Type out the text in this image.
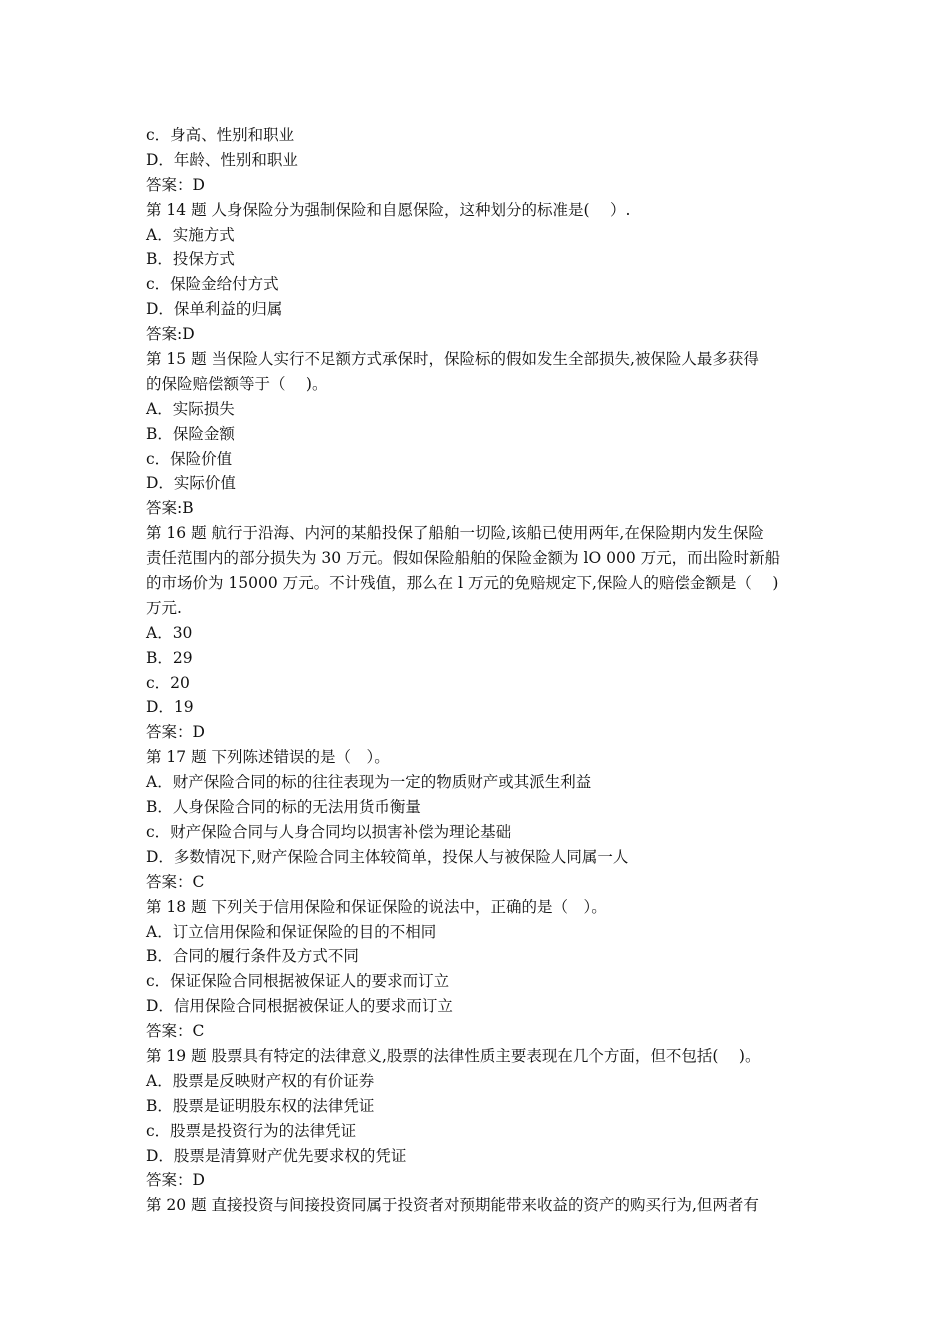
c．身高、性别和职业
D．年龄、性别和职业
答案：D
第 14 题 人身保险分为强制保险和自愿保险，这种划分的标准是(　 ）.
A．实施方式
B．投保方式
c．保险金给付方式
D．保单利益的归属
答案:D
第 15 题 当保险人实行不足额方式承保时，保险标的假如发生全部损失,被保险人最多获得
的保险赔偿额等于（　 )。
A．实际损失
B．保险金额
c．保险价值
D．实际价值
答案:B
第 16 题 航行于沿海、内河的某船投保了船舶一切险,该船已使用两年,在保险期内发生保险
责任范围内的部分损失为 30 万元。假如保险船舶的保险金额为 lO 000 万元，而出险时新船
的市场价为 15000 万元。不计残值，那么在 l 万元的免赔规定下,保险人的赔偿金额是（　 )
万元.
A．30
B．29
c．20
D．19
答案：D
第 17 题 下列陈述错误的是（　）。
A．财产保险合同的标的往往表现为一定的物质财产或其派生利益
B．人身保险合同的标的无法用货币衡量
c．财产保险合同与人身合同均以损害补偿为理论基础
D．多数情况下,财产保险合同主体较简单，投保人与被保险人同属一人
答案：C
第 18 题 下列关于信用保险和保证保险的说法中，正确的是（　）。
A．订立信用保险和保证保险的目的不相同
B．合同的履行条件及方式不同
c．保证保险合同根据被保证人的要求而订立
D．信用保险合同根据被保证人的要求而订立
答案：C
第 19 题 股票具有特定的法律意义,股票的法律性质主要表现在几个方面，但不包括(　 )。
A．股票是反映财产权的有价证券
B．股票是证明股东权的法律凭证
c．股票是投资行为的法律凭证
D．股票是清算财产优先要求权的凭证
答案：D
第 20 题 直接投资与间接投资同属于投资者对预期能带来收益的资产的购买行为,但两者有
